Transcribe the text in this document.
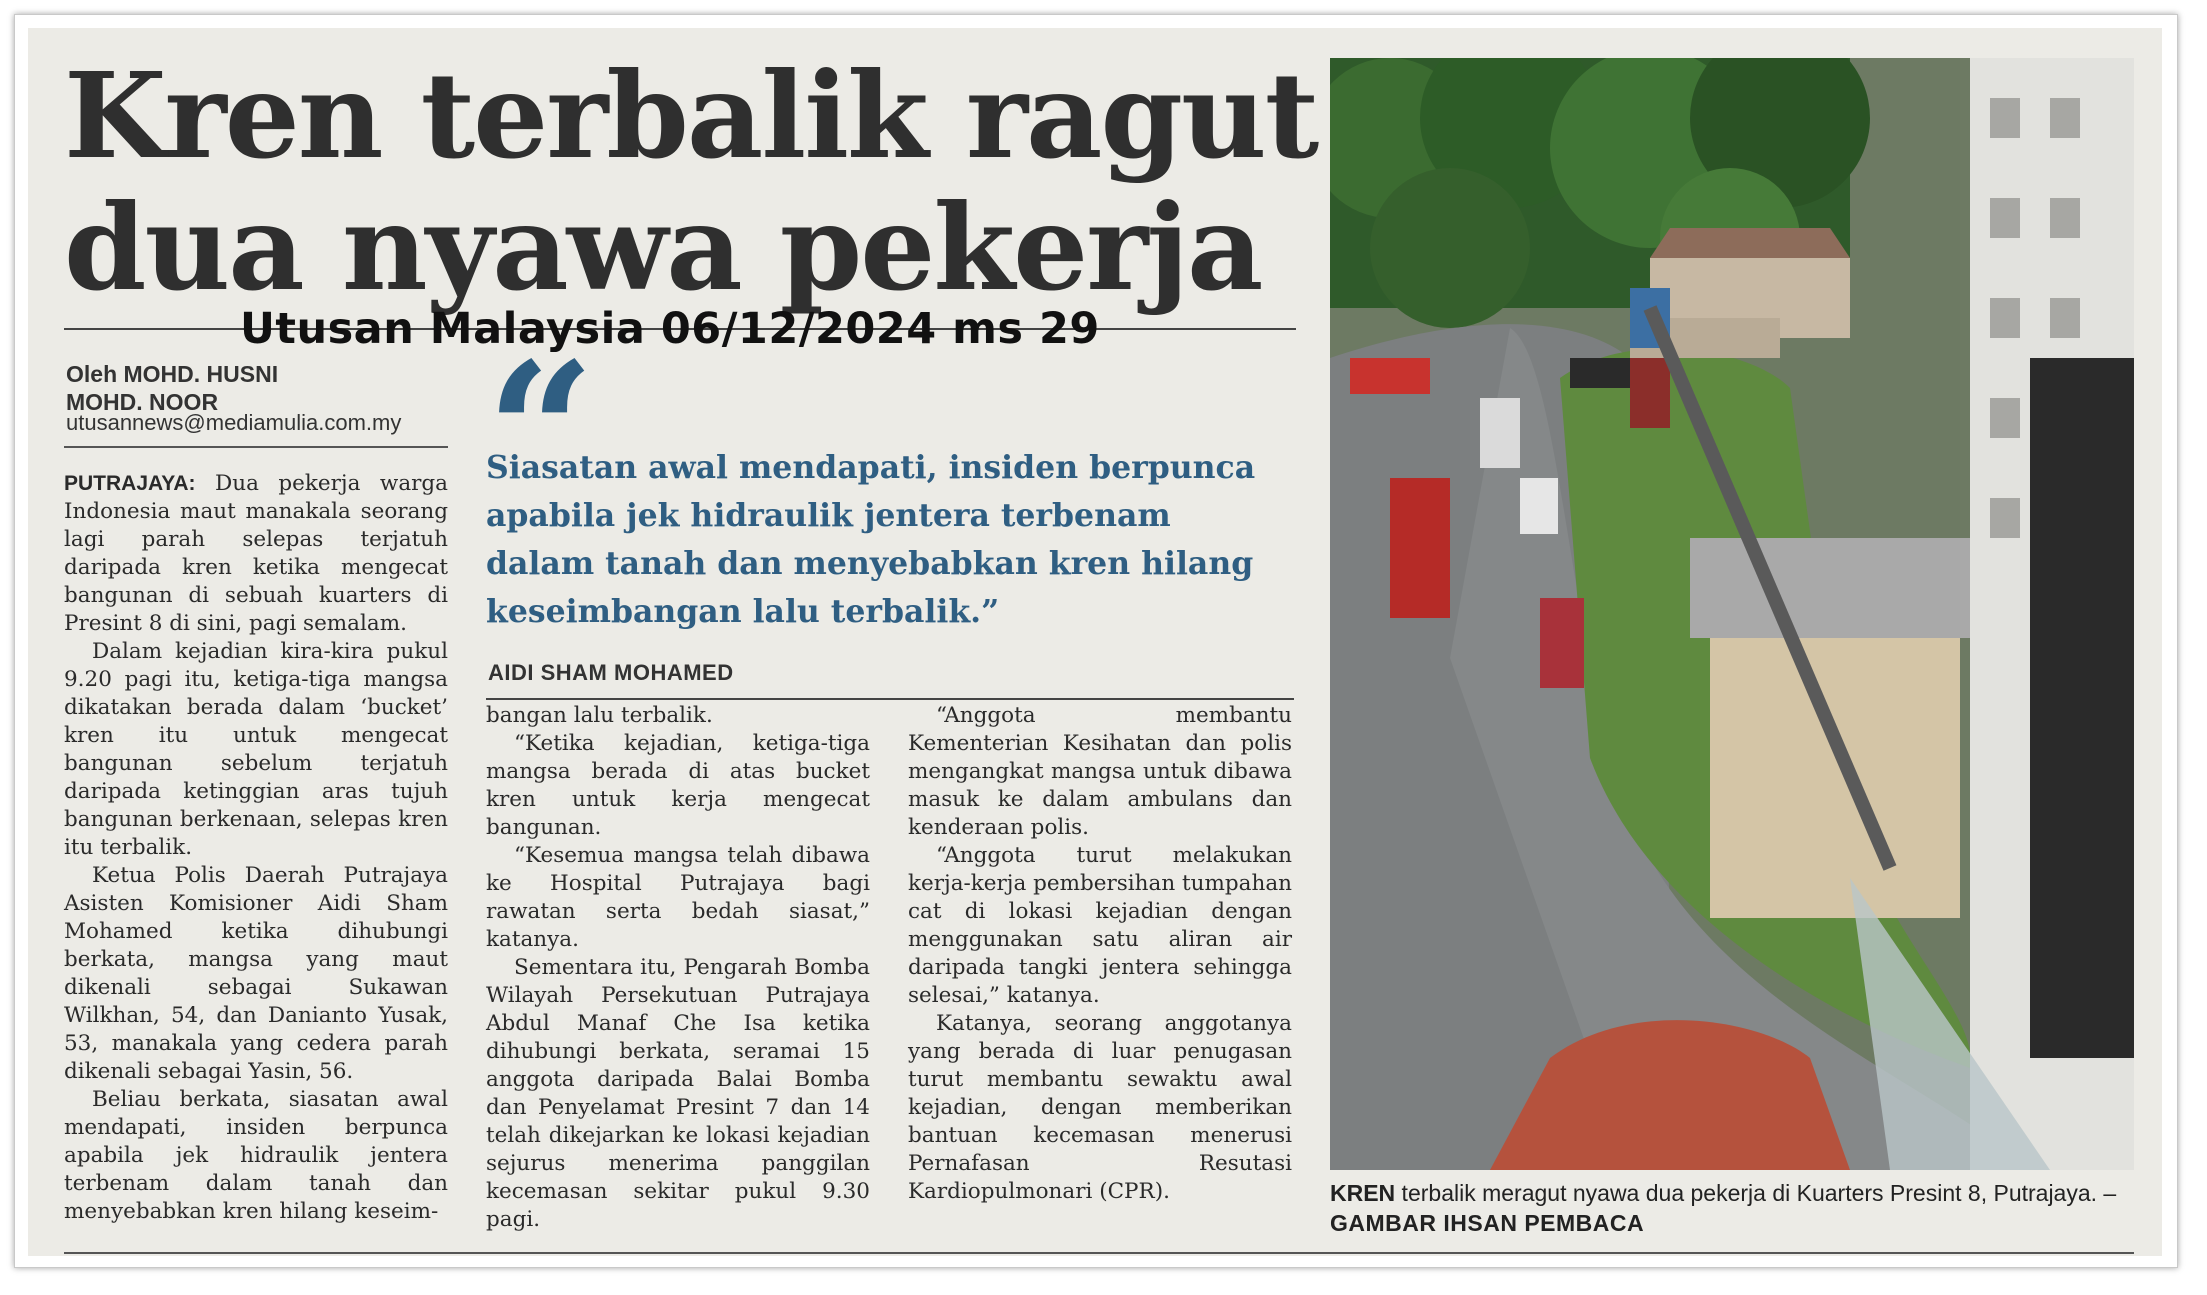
Kren terbalik ragut
dua nyawa pekerja
Utusan Malaysia 06/12/2024 ms 29
Oleh MOHD. HUSNI
MOHD. NOOR
utusannews@mediamulia.com.my “
Siasatan awal mendapati, insiden berpunca apabila jek hidraulik jentera terbenam dalam tanah dan menyebabkan kren hilang keseimbangan lalu terbalik.”
AIDI SHAM MOHAMED

PUTRAJAYA: Dua pekerja warga Indonesia maut manakala seorang lagi parah selepas terjatuh daripada kren ketika mengecat bangunan di sebuah kuarters di Presint 8 di sini, pagi semalam.

Dalam kejadian kira-kira pukul 9.20 pagi itu, ketiga-tiga mangsa dikatakan berada dalam ‘bucket’ kren itu untuk mengecat bangunan sebelum terjatuh daripada ketinggian aras tujuh bangunan berkenaan, selepas kren itu terbalik.

Ketua Polis Daerah Putrajaya Asisten Komisioner Aidi Sham Mohamed ketika dihubungi berkata, mangsa yang maut dikenali sebagai Sukawan Wilkhan, 54, dan Danianto Yusak, 53, manakala yang cedera parah dikenali sebagai Yasin, 56.

Beliau berkata, siasatan awal mendapati, insiden berpunca apabila jek hidraulik jentera terbenam dalam tanah dan menyebabkan kren hilang keseim-

bangan lalu terbalik.

“Ketika kejadian, ketiga-tiga mangsa berada di atas bucket kren untuk kerja mengecat bangunan.

“Kesemua mangsa telah dibawa ke Hospital Putrajaya bagi rawatan serta bedah siasat,” katanya.

Sementara itu, Pengarah Bomba Wilayah Persekutuan Putrajaya Abdul Manaf Che Isa ketika dihubungi berkata, seramai 15 anggota daripada Balai Bomba dan Penyelamat Presint 7 dan 14 telah dikejarkan ke lokasi kejadian sejurus menerima panggilan kecemasan sekitar pukul 9.30 pagi.

“Anggota membantu Kementerian Kesihatan dan polis mengangkat mangsa untuk dibawa masuk ke dalam ambulans dan kenderaan polis.

“Anggota turut melakukan kerja-kerja pembersihan tumpahan cat di lokasi kejadian dengan menggunakan satu aliran air daripada tangki jentera sehingga selesai,” katanya.

Katanya, seorang anggotanya yang berada di luar penugasan turut membantu sewaktu awal kejadian, dengan memberikan bantuan kecemasan menerusi Pernafasan Resutasi Kardiopulmonari (CPR).	KREN terbalik meragut nyawa dua pekerja di Kuarters Presint 8, Putrajaya. – GAMBAR IHSAN PEMBACA
